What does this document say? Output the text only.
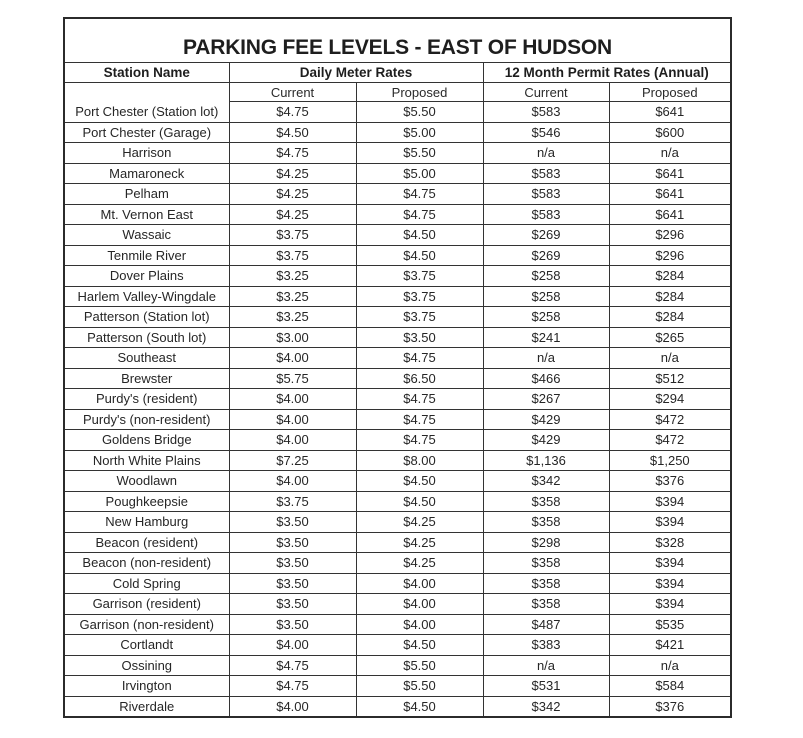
PARKING FEE LEVELS - EAST OF HUDSON				
Station Name	Daily Meter Rates		12 Month Permit Rates (Annual)	
	Current	Proposed	Current	Proposed
Port Chester (Station lot)	$4.75	$5.50	$583	$641
Port Chester (Garage)	$4.50	$5.00	$546	$600
Harrison	$4.75	$5.50	n/a	n/a
Mamaroneck	$4.25	$5.00	$583	$641
Pelham	$4.25	$4.75	$583	$641
Mt. Vernon East	$4.25	$4.75	$583	$641
Wassaic	$3.75	$4.50	$269	$296
Tenmile River	$3.75	$4.50	$269	$296
Dover Plains	$3.25	$3.75	$258	$284
Harlem Valley-Wingdale	$3.25	$3.75	$258	$284
Patterson (Station lot)	$3.25	$3.75	$258	$284
Patterson (South lot)	$3.00	$3.50	$241	$265
Southeast	$4.00	$4.75	n/a	n/a
Brewster	$5.75	$6.50	$466	$512
Purdy's (resident)	$4.00	$4.75	$267	$294
Purdy's (non-resident)	$4.00	$4.75	$429	$472
Goldens Bridge	$4.00	$4.75	$429	$472
North White Plains	$7.25	$8.00	$1,136	$1,250
Woodlawn	$4.00	$4.50	$342	$376
Poughkeepsie	$3.75	$4.50	$358	$394
New Hamburg	$3.50	$4.25	$358	$394
Beacon (resident)	$3.50	$4.25	$298	$328
Beacon (non-resident)	$3.50	$4.25	$358	$394
Cold Spring	$3.50	$4.00	$358	$394
Garrison (resident)	$3.50	$4.00	$358	$394
Garrison (non-resident)	$3.50	$4.00	$487	$535
Cortlandt	$4.00	$4.50	$383	$421
Ossining	$4.75	$5.50	n/a	n/a
Irvington	$4.75	$5.50	$531	$584
Riverdale	$4.00	$4.50	$342	$376
